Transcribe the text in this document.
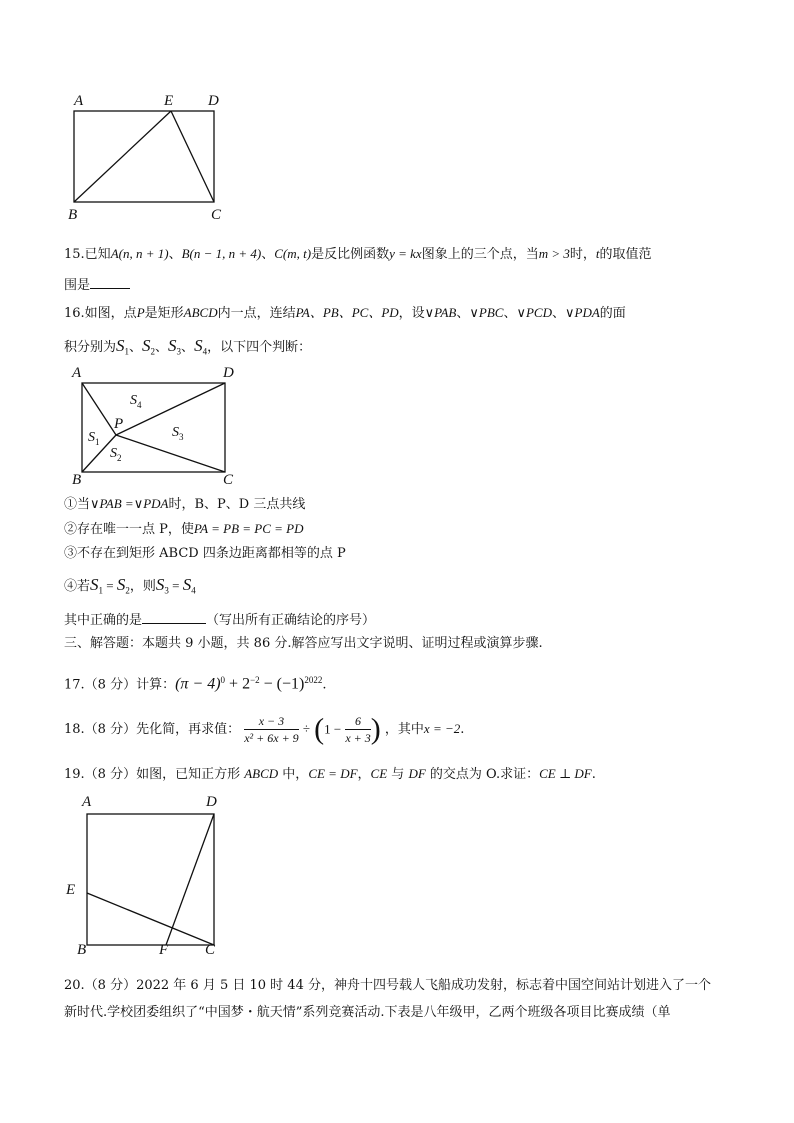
A	E D
B	C
15.已知A(n, n + 1)、B(n − 1, n + 4)、C(m, t)是反比例函数y = kx图象上的三个点，当m > 3时，t的取值范
围是
16.如图，点P是矩形ABCD内一点，连结PA、PB、PC、PD，设∨PAB、∨PBC、∨PCD、∨PDA的面
积分别为$S_1$、$S_2$、$S_3$、$S_4$，以下四个判断：
A	D
B	C
P
$S_4$
$S_1$
$S_2$
$S_3$
①当∨PAB =∨PDA时，B、P、D 三点共线
②存在唯一一点 P，使PA = PB = PC = PD
③不存在到矩形 ABCD 四条边距离都相等的点 P
④若$S_1 = S_2$，则$S_3 = S_4$
其中正确的是	（写出所有正确结论的序号）
三、解答题：本题共 9 小题，共 86 分.解答应写出文字说明、证明过程或演算步骤.
17.（8 分）计算：$(\pi - 4)^0 + 2^{-2} - (-1)^{2022}$.
18.（8 分）先化简，再求值： $\frac{x - 3}{\text{x² + 6x + 9}} \div (1 - \frac{6}{x + 3}$ ) ，其中x = −2.
19.（8 分）如图，已知正方形 ABCD 中，CE = DF，CE 与 DF 的交点为 O.求证：CE ⊥ DF.
A	D
E
B	F C
20.（8 分）2022 年 6 月 5 日 10 时 44 分，神舟十四号载人飞船成功发射，标志着中国空间站计划进入了一个
新时代.学校团委组织了“中国梦・航天情”系列竞赛活动.下表是八年级甲，乙两个班级各项目比赛成绩（单
